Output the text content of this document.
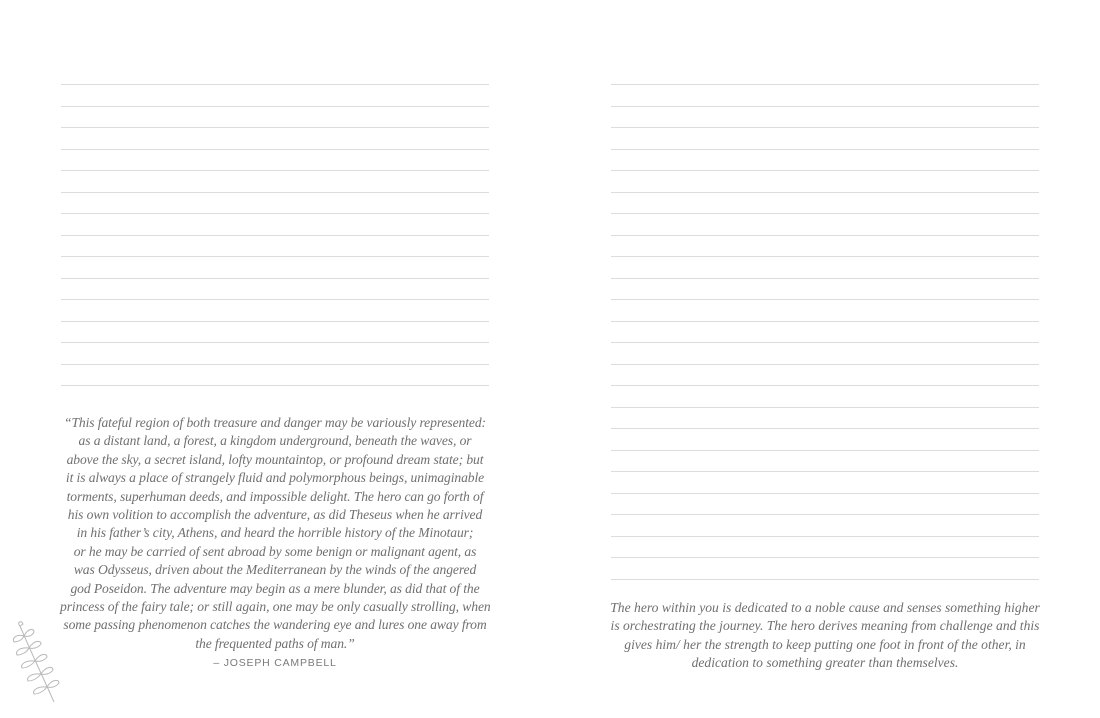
“This fateful region of both treasure and danger may be variously represented:
as a distant land, a forest, a kingdom underground, beneath the waves, or
above the sky, a secret island, lofty mountaintop, or profound dream state; but
it is always a place of strangely fluid and polymorphous beings, unimaginable
torments, superhuman deeds, and impossible delight. The hero can go forth of
his own volition to accomplish the adventure, as did Theseus when he arrived
in his father’s city, Athens, and heard the horrible history of the Minotaur;
or he may be carried of sent abroad by some benign or malignant agent, as
was Odysseus, driven about the Mediterranean by the winds of the angered
god Poseidon. The adventure may begin as a mere blunder, as did that of the
princess of the fairy tale; or still again, one may be only casually strolling, when
some passing phenomenon catches the wandering eye and lures one away from
the frequented paths of man.”
– JOSEPH CAMPBELL
The hero within you is dedicated to a noble cause and senses something higher
is orchestrating the journey. The hero derives meaning from challenge and this
gives him/ her the strength to keep putting one foot in front of the other, in
dedication to something greater than themselves.
